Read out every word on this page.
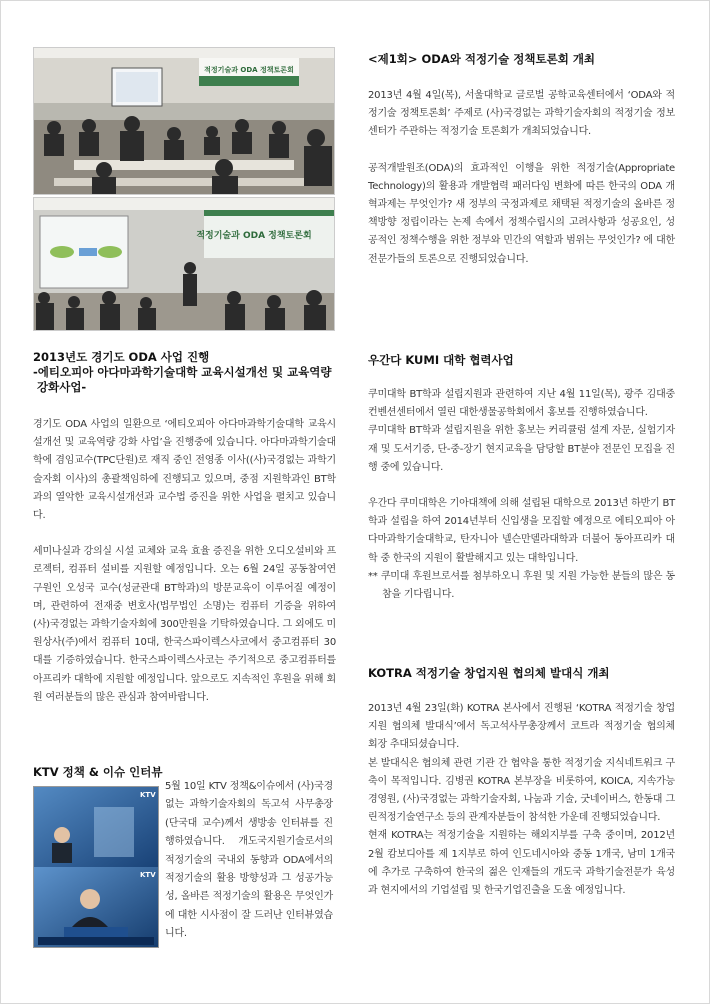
적정기술과 ODA 정책토론회
적정기술과 ODA 정책토론회
2013년도 경기도 ODA 사업 진행
-에티오피아 아다마과학기술대학 교육시설개선 및 교육역량
강화사업-

경기도 ODA 사업의 일환으로 ‘에티오피아 아다마과학기술대학 교육시설개선 및 교육역량 강화 사업’을 진행중에 있습니다. 아다마과학기술대학에 겸임교수(TPC단원)로 재직 중인 전영종 이사((사)국경없는 과학기술자회 이사)의 총괄책임하에 진행되고 있으며, 중점 지원학과인 BT학과의 열악한 교육시설개선과 교수법 증진을 위한 사업을 펼치고 있습니다.

세미나실과 강의실 시설 교체와 교육 효율 증진을 위한 오디오설비와 프로젝터, 컴퓨터 설비를 지원할 예정입니다. 오는 6월 24일 공동참여연구원인 오성국 교수(성균관대 BT학과)의 방문교육이 이루어질 예정이며, 관련하여 전재중 변호사(법무법인 소명)는 컴퓨터 기증을 위하여 (사)국경없는 과학기술자회에 300만원을 기탁하였습니다. 그 외에도 미원상사(주)에서 컴퓨터 10대, 한국스파이렉스사코에서 중고컴퓨터 30대를 기증하였습니다. 한국스파이렉스사코는 주기적으로 중고컴퓨터를 아프리카 대학에 지원할 예정입니다. 앞으로도 지속적인 후원을 위해 회원 여러분들의 많은 관심과 참여바랍니다.

KTV 정책 & 이슈 인터뷰
KTV
KTV
5월 10일 KTV 정책&이슈에서 (사)국경없는 과학기술자회의 독고석 사무총장(단국대 교수)께서 생방송 인터뷰를 진행하였습니다. 개도국지원기술로서의 적정기술의 국내외 동향과 ODA에서의 적정기술의 활용 방향성과 그 성공가능성, 올바른 적정기술의 활용은 무엇인가에 대한 시사점이 잘 드러난 인터뷰였습니다.
<제1회> ODA와 적정기술 정책토론회 개최

2013년 4월 4일(목), 서울대학교 글로벌 공학교육센터에서 ‘ODA와 적정기술 정책토론회’ 주제로 (사)국경없는 과학기술자회의 적정기술 정보센터가 주관하는 적정기술 토론회가 개최되었습니다.

공적개발원조(ODA)의 효과적인 이행을 위한 적정기술(Appropriate Technology)의 활용과 개발협력 패러다임 변화에 따른 한국의 ODA 개혁과제는 무엇인가? 새 정부의 국정과제로 채택된 적정기술의 올바른 정책방향 정립이라는 논제 속에서 정책수립시의 고려사항과 성공요인, 성공적인 정책수행을 위한 정부와 민간의 역할과 범위는 무엇인가? 에 대한 전문가들의 토론으로 진행되었습니다.

우간다 KUMI 대학 협력사업

쿠미대학 BT학과 설립지원과 관련하여 지난 4월 11일(목), 광주 김대중 컨벤션센터에서 열린 대한생물공학회에서 홍보를 진행하였습니다.

쿠미대학 BT학과 설립지원을 위한 홍보는 커리큘럼 설계 자문, 실험기자재 및 도서기증, 단-중-장기 현지교육을 담당할 BT분야 전문인 모집을 진행 중에 있습니다.

우간다 쿠미대학은 기아대책에 의해 설립된 대학으로 2013년 하반기 BT학과 설립을 하여 2014년부터 신입생을 모집할 예정으로 에티오피아 아다마과학기술대학교, 탄자니아 넬슨만델라대학과 더불어 동아프리카 대학 중 한국의 지원이 활발해지고 있는 대학입니다.

** 쿠미대 후원브로셔를 첨부하오니 후원 및 지원 가능한 분들의 많은 동참을 기다립니다.

KOTRA 적정기술 창업지원 협의체 발대식 개최

2013년 4월 23일(화) KOTRA 본사에서 진행된 ‘KOTRA 적정기술 창업지원 협의체 발대식’에서 독고석사무총장께서 코트라 적정기술 협의체 회장 추대되셨습니다.

본 발대식은 협의체 관련 기관 간 협약을 통한 적정기술 지식네트워크 구축이 목적입니다. 김병권 KOTRA 본부장을 비롯하여, KOICA, 지속가능경영원, (사)국경없는 과학기술자회, 나눔과 기술, 굿네이버스, 한동대 그린적정기술연구소 등의 관계자분들이 참석한 가운데 진행되었습니다.

현재 KOTRA는 적정기술을 지원하는 해외지부를 구축 중이며, 2012년 2월 캄보디아를 제 1지부로 하여 인도네시아와 중동 1개국, 남미 1개국에 추가로 구축하여 한국의 젊은 인재들의 개도국 과학기술전문가 육성과 현지에서의 기업설립 및 한국기업진출을 도울 예정입니다.
